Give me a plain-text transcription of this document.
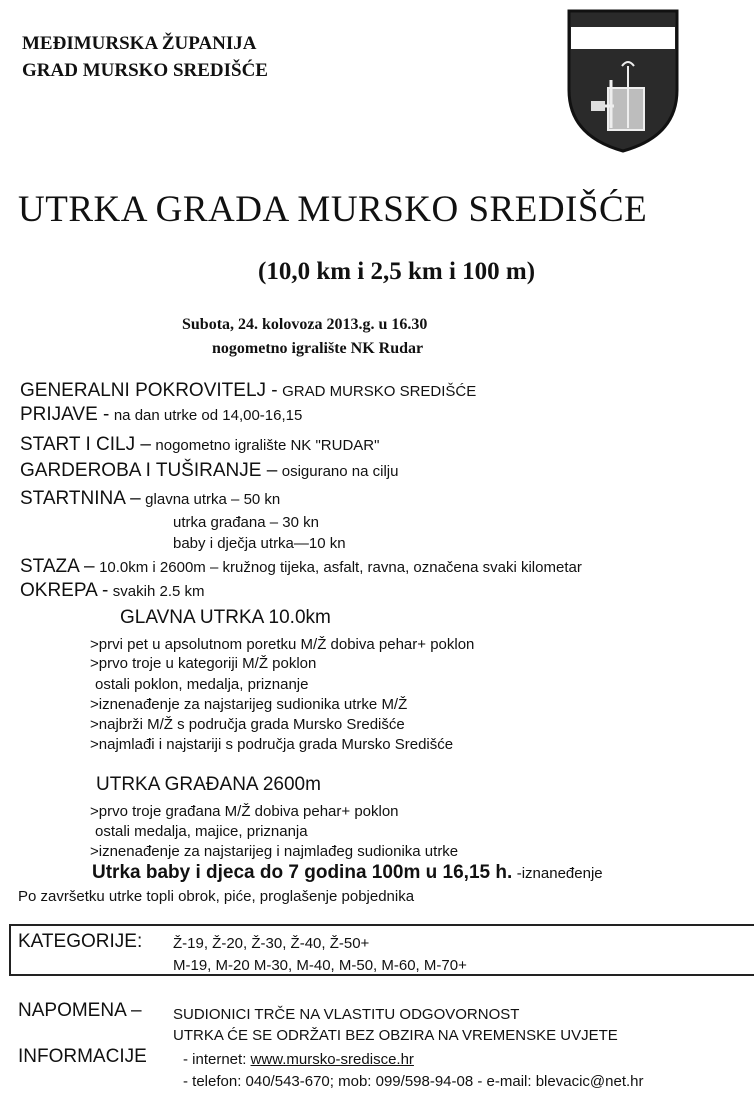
MEĐIMURSKA ŽUPANIJA
GRAD MURSKO SREDIŠĆE
UTRKA GRADA MURSKO SREDIŠĆE
(10,0 km i 2,5 km i 100 m)
Subota, 24. kolovoza 2013.g. u 16.30
nogometno igralište NK Rudar
GENERALNI POKROVITELJ - GRAD MURSKO SREDIŠĆE
PRIJAVE - na dan utrke od 14,00-16,15
START I CILJ – nogometno igralište NK "RUDAR"
GARDEROBA I TUŠIRANJE – osigurano na cilju
STARTNINA – glavna utrka – 50 kn
utrka građana – 30 kn
baby i dječja utrka—10 kn
STAZA – 10.0km i 2600m – kružnog tijeka, asfalt, ravna, označena svaki kilometar
OKREPA - svakih 2.5 km
GLAVNA UTRKA 10.0km
>prvi pet u apsolutnom poretku M/Ž dobiva pehar+ poklon
>prvo troje u kategoriji M/Ž poklon
ostali poklon, medalja, priznanje
>iznenađenje za najstarijeg sudionika utrke M/Ž
>najbrži M/Ž s područja grada Mursko Središće
>najmlađi i najstariji s područja grada Mursko Središće
UTRKA GRAĐANA 2600m
>prvo troje građana M/Ž dobiva pehar+ poklon
ostali medalja, majice, priznanja
>iznenađenje za najstarijeg i najmlađeg sudionika utrke
Utrka baby i djeca do 7 godina 100m u 16,15 h. -iznanеđenje
Po završetku utrke topli obrok, piće, proglašenje pobjednika
KATEGORIJE: Ž-19, Ž-20, Ž-30, Ž-40, Ž-50+
M-19, M-20 M-30, M-40, M-50, M-60, M-70+
NAPOMENA – SUDIONICI TRČE NA VLASTITU ODGOVORNOST
UTRKA ĆE SE ODRŽATI BEZ OBZIRA NA VREMENSKE UVJETE
INFORMACIJE - internet: www.mursko-sredisce.hr
- telefon: 040/543-670; mob: 099/598-94-08 - e-mail: blevacic@net.hr
